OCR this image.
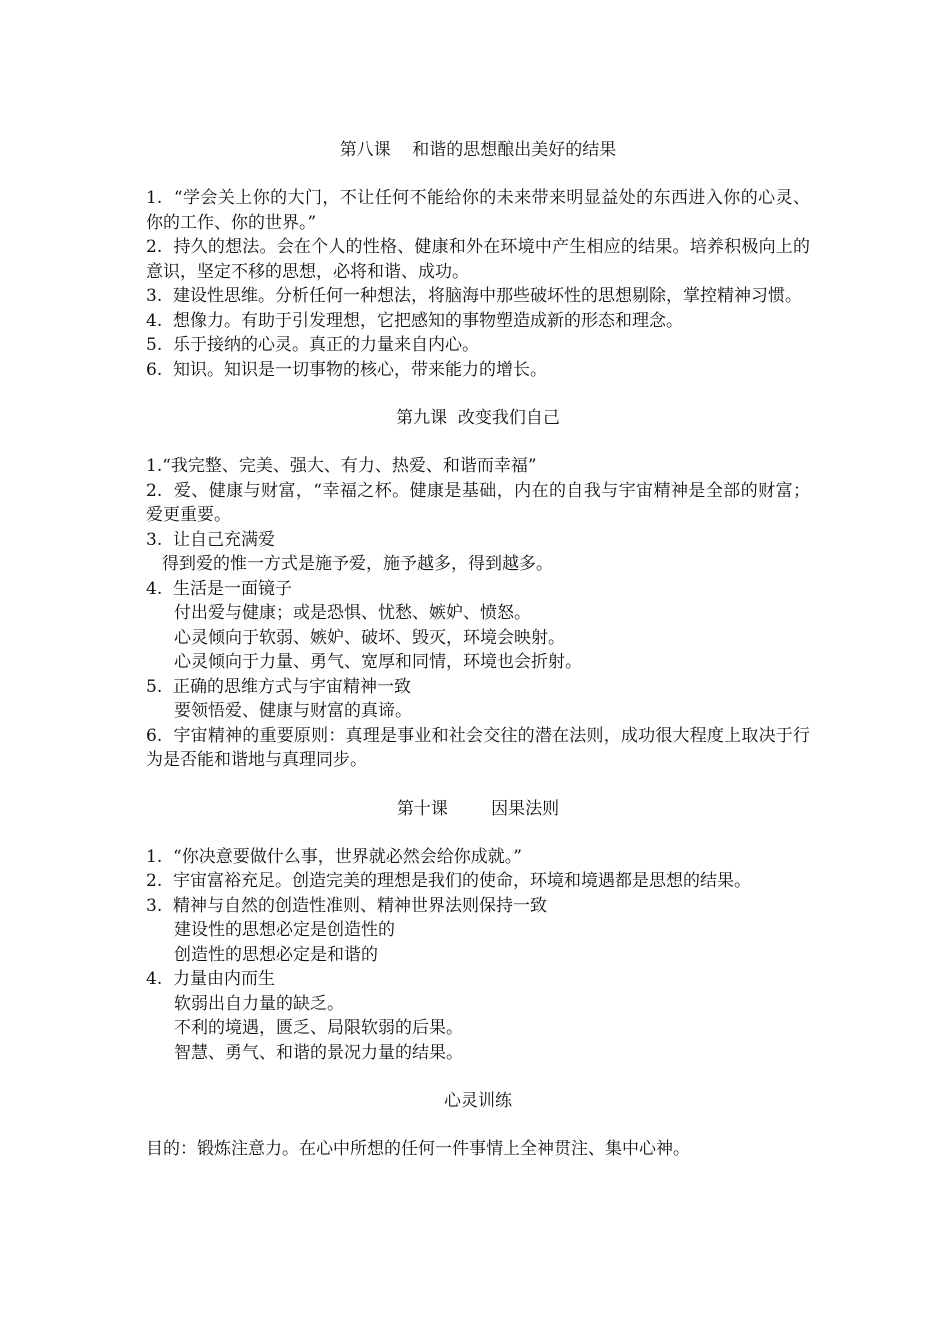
第八课    和谐的思想酿出美好的结果

1.  “学会关上你的大门，不让任何不能给你的未来带来明显益处的东西进入你的心灵、你的工作、你的世界。”

2.  持久的想法。会在个人的性格、健康和外在环境中产生相应的结果。培养积极向上的意识，坚定不移的思想，必将和谐、成功。

3.  建设性思维。分析任何一种想法，将脑海中那些破坏性的思想剔除，掌控精神习惯。

4.  想像力。有助于引发理想，它把感知的事物塑造成新的形态和理念。

5.  乐于接纳的心灵。真正的力量来自内心。

6.  知识。知识是一切事物的核心，带来能力的增长。

第九课  改变我们自己

1.“我完整、完美、强大、有力、热爱、和谐而幸福”

2.  爱、健康与财富，“幸福之杯。健康是基础，内在的自我与宇宙精神是全部的财富；爱更重要。

3.  让自己充满爱

得到爱的惟一方式是施予爱，施予越多，得到越多。

4.  生活是一面镜子

付出爱与健康；或是恐惧、忧愁、嫉妒、愤怒。

心灵倾向于软弱、嫉妒、破坏、毁灭，环境会映射。

心灵倾向于力量、勇气、宽厚和同情，环境也会折射。

5.  正确的思维方式与宇宙精神一致

要领悟爱、健康与财富的真谛。

6.  宇宙精神的重要原则：真理是事业和社会交往的潜在法则，成功很大程度上取决于行为是否能和谐地与真理同步。

第十课        因果法则

1.  “你决意要做什么事，世界就必然会给你成就。”

2.  宇宙富裕充足。创造完美的理想是我们的使命，环境和境遇都是思想的结果。

3.  精神与自然的创造性准则、精神世界法则保持一致

建设性的思想必定是创造性的

创造性的思想必定是和谐的

4.  力量由内而生

软弱出自力量的缺乏。

不利的境遇，匮乏、局限软弱的后果。

智慧、勇气、和谐的景况力量的结果。

心灵训练

目的：锻炼注意力。在心中所想的任何一件事情上全神贯注、集中心神。
